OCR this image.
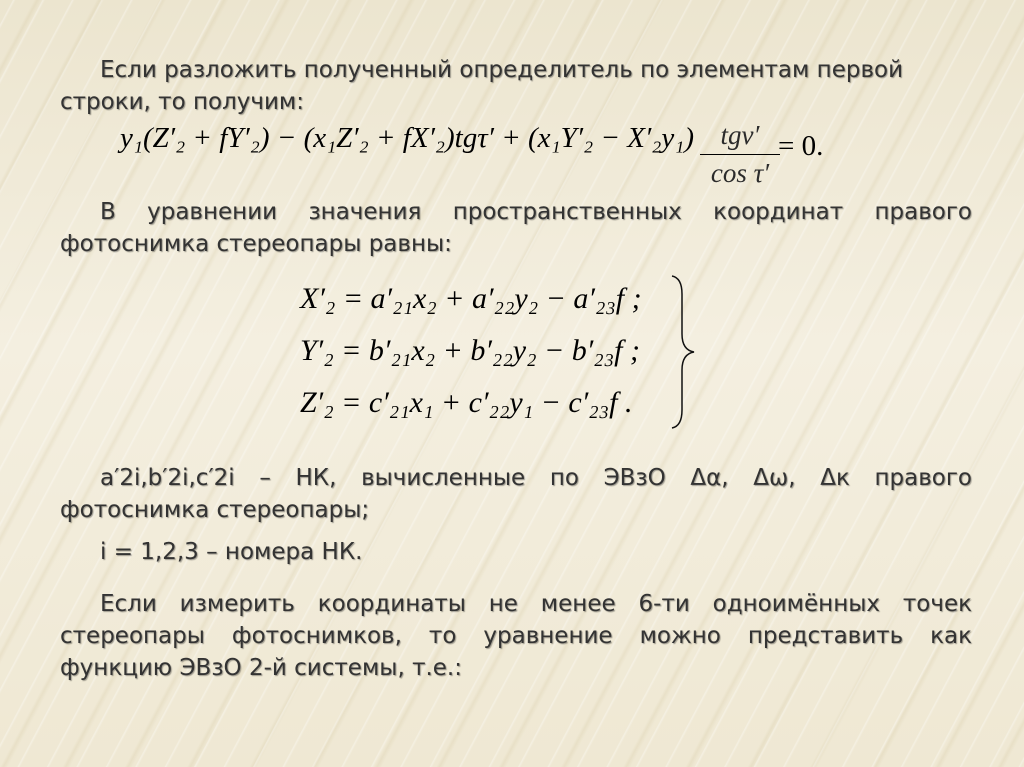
Если разложить полученный определитель по элементам первой строки, то получим:
y₁(Z′₂ + fY′₂) − (x₁Z′₂ + fX′₂)tgτ′ + (x₁Y′₂ − X′₂y₁) tgν′
cos τ′
= 0.
В уравнении значения пространственных координат правого фотоснимка стереопары равны:
X′₂ = a′₂₁x₂ + a′₂₂y₂ − a′₂₃f ;
Y′₂ = b′₂₁x₂ + b′₂₂y₂ − b′₂₃f ;
Z′₂ = c′₂₁x₁ + c′₂₂y₁ − c′₂₃f .
a′2i,b′2i,c′2i – НК, вычисленные по ЭВзО Δα, Δω, Δк правого фотоснимка стереопары;
i = 1,2,3 – номера НК.
Если измерить координаты не менее 6-ти одноимённых точек стереопары фотоснимков, то уравнение можно представить как функцию ЭВзО 2-й системы, т.е.:
